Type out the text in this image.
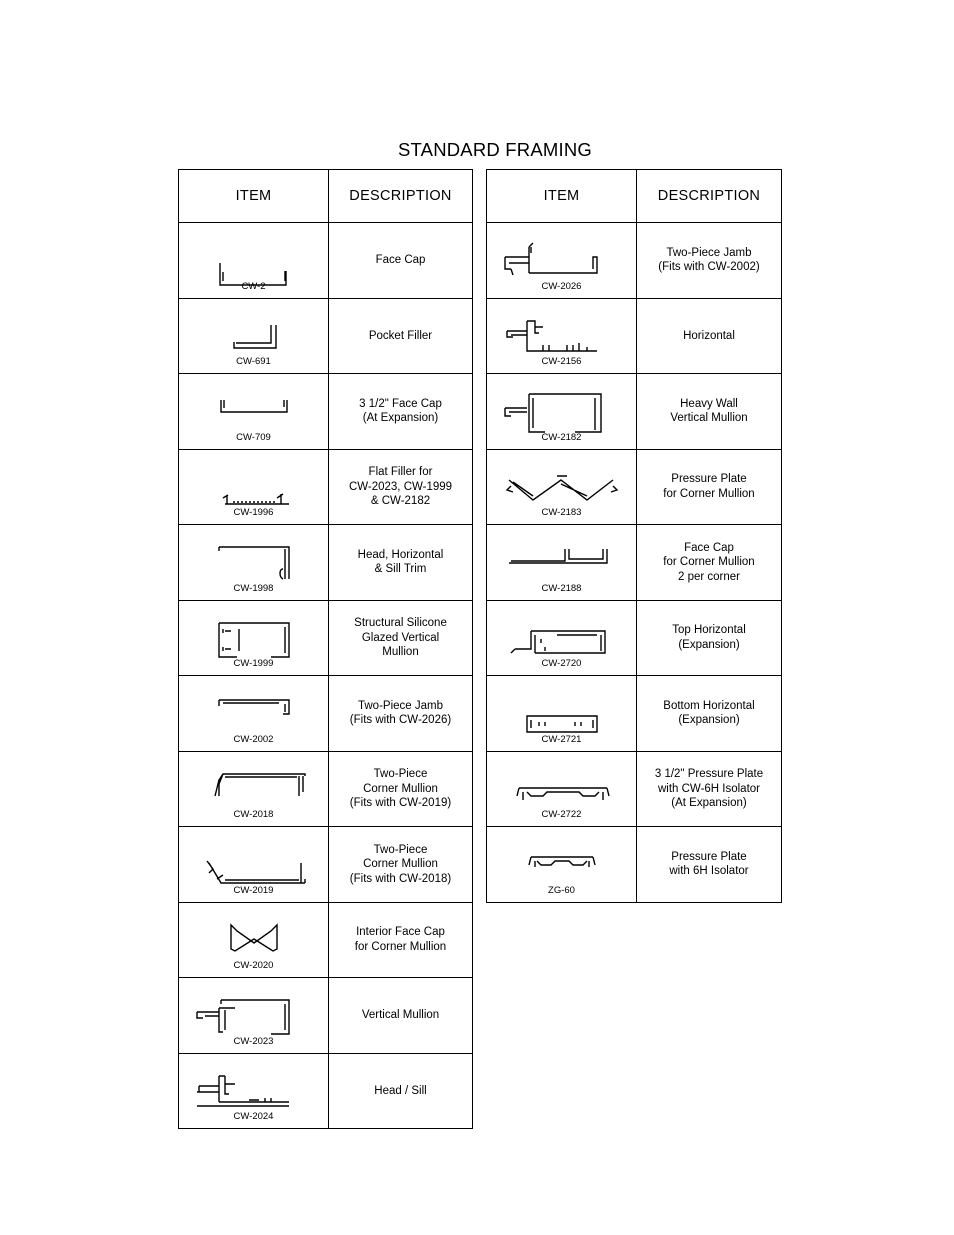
STANDARD FRAMING
ITEM	DESCRIPTION

CW-2	Face Cap

CW-691	Pocket Filler

CW-709	3 1/2" Face Cap
(At Expansion)

CW-1996	Flat Filler for
CW-2023, CW-1999
& CW-2182

CW-1998	Head, Horizontal
& Sill Trim

CW-1999	Structural Silicone
Glazed Vertical
Mullion

CW-2002	Two-Piece Jamb
(Fits with CW-2026)

CW-2018	Two-Piece
Corner Mullion
(Fits with CW-2019)

CW-2019	Two-Piece
Corner Mullion
(Fits with CW-2018)

CW-2020	Interior Face Cap
for Corner Mullion

CW-2023	Vertical Mullion

CW-2024	Head / Sill
ITEM	DESCRIPTION

CW-2026	Two-Piece Jamb
(Fits with CW-2002)

CW-2156	Horizontal

CW-2182	Heavy Wall
Vertical Mullion

CW-2183	Pressure Plate
for Corner Mullion

CW-2188	Face Cap
for Corner Mullion
2 per corner

CW-2720	Top Horizontal
(Expansion)

CW-2721	Bottom Horizontal
(Expansion)

CW-2722	3 1/2" Pressure Plate
with CW-6H Isolator
(At Expansion)

ZG-60	Pressure Plate
with 6H Isolator
